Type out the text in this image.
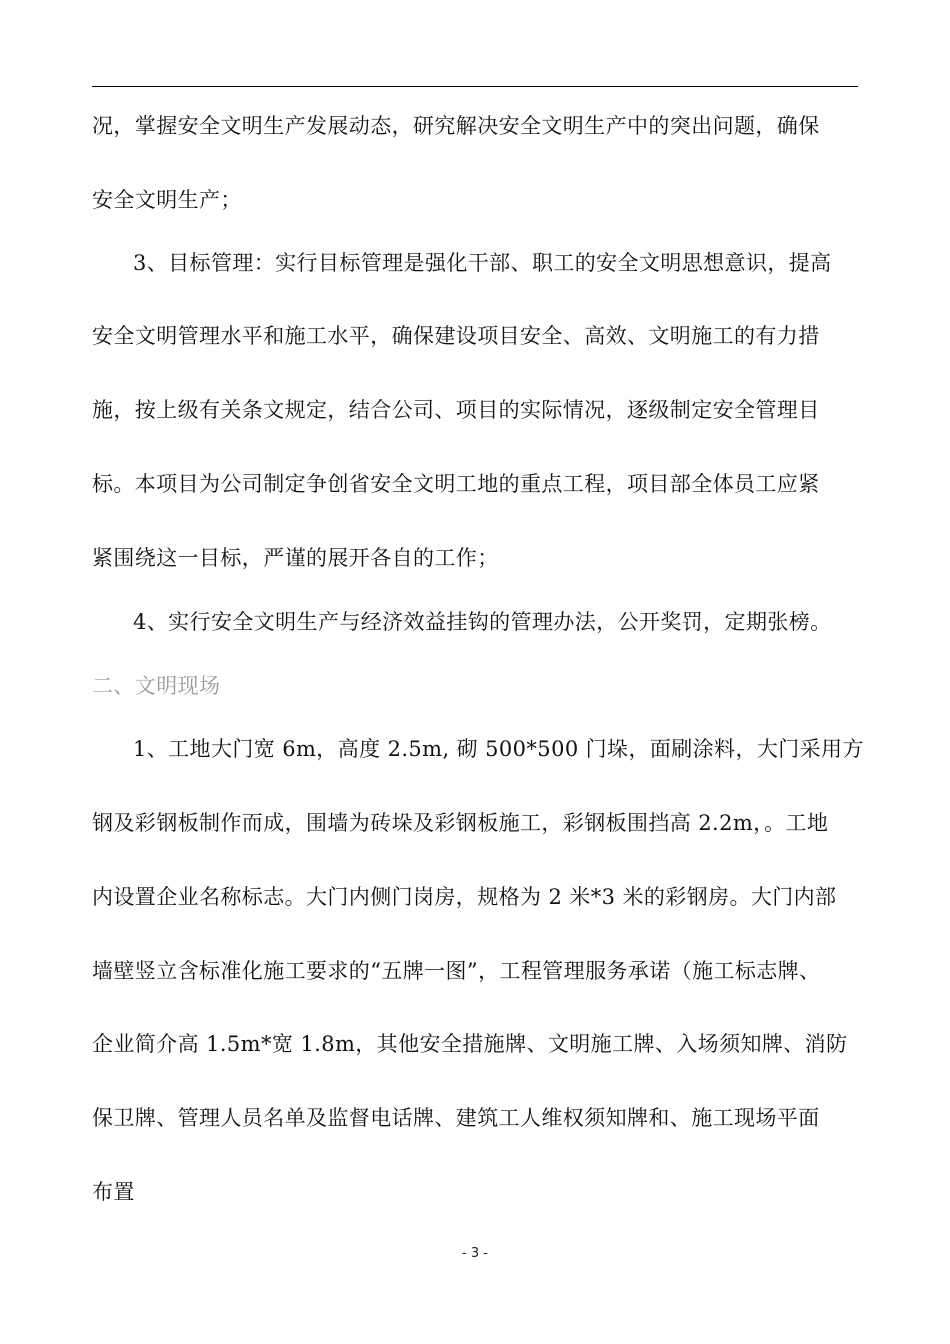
况，掌握安全文明生产发展动态，研究解决安全文明生产中的突出问题，确保
安全文明生产；
3、目标管理：实行目标管理是强化干部、职工的安全文明思想意识，提高
安全文明管理水平和施工水平，确保建设项目安全、高效、文明施工的有力措
施，按上级有关条文规定，结合公司、项目的实际情况，逐级制定安全管理目
标。本项目为公司制定争创省安全文明工地的重点工程，项目部全体员工应紧
紧围绕这一目标，严谨的展开各自的工作；
4、实行安全文明生产与经济效益挂钩的管理办法，公开奖罚，定期张榜。
二、文明现场
1、工地大门宽 6m，高度 2.5m, 砌 500*500 门垛，面刷涂料，大门采用方
钢及彩钢板制作而成，围墙为砖垛及彩钢板施工，彩钢板围挡高 2.2m，。工地
内设置企业名称标志。大门内侧门岗房，规格为 2 米*3 米的彩钢房。大门内部
墙壁竖立含标准化施工要求的“五牌一图”，工程管理服务承诺（施工标志牌、
企业简介高 1.5m*宽 1.8m，其他安全措施牌、文明施工牌、入场须知牌、消防
保卫牌、管理人员名单及监督电话牌、建筑工人维权须知牌和、施工现场平面
布置
- 3 -
